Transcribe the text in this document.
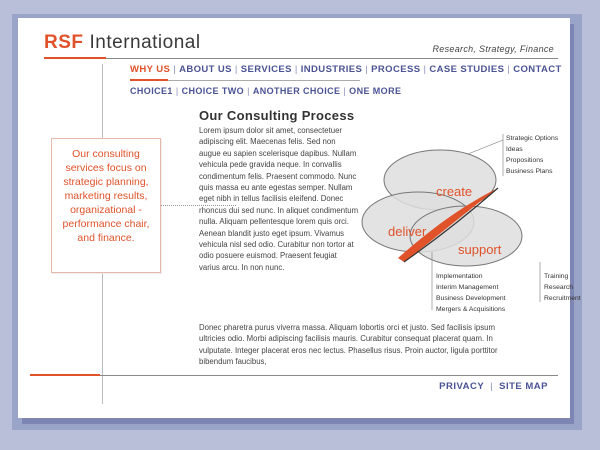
RSF International	Research, Strategy, Finance
WHY US | ABOUT US | SERVICES | INDUSTRIES | PROCESS | CASE STUDIES | CONTACT
CHOICE1 | CHOICE TWO | ANOTHER CHOICE | ONE MORE
Our consulting services focus on strategic planning, marketing results, organizational - performance chair, and finance.
Our Consulting Process
Lorem ipsum dolor sit amet, consectetuer adipiscing elit. Maecenas felis. Sed non augue eu sapien scelerisque dapibus. Nullam vehicula pede gravida neque. In convallis condimentum felis. Praesent commodo. Nunc quis massa eu ante egestas semper. Nullam eget nibh in tellus facilisis eleifend. Donec rhoncus dui sed nunc. In aliquet condimentum nulla. Aliquam pellentesque lorem quis orci. Aenean blandit justo eget ipsum. Vivamus vehicula nisl sed odio. Curabitur non tortor at odio posuere euismod. Praesent feugiat varius arcu. In non nunc.
create
deliver
support
Strategic Options
Ideas
Propositions
Business Plans
Implementation
Interim Management
Business Development
Mergers & Acquisitions
Training
Research
Recruitment
Donec pharetra purus viverra massa. Aliquam lobortis orci et justo. Sed facilisis ipsum ultricies odio. Morbi adipiscing facilisis mauris. Curabitur consequat placerat quam. In vulputate. Integer placerat eros nec lectus. Phasellus risus. Proin auctor, ligula porttitor bibendum faucibus,
PRIVACY | SITE MAP
